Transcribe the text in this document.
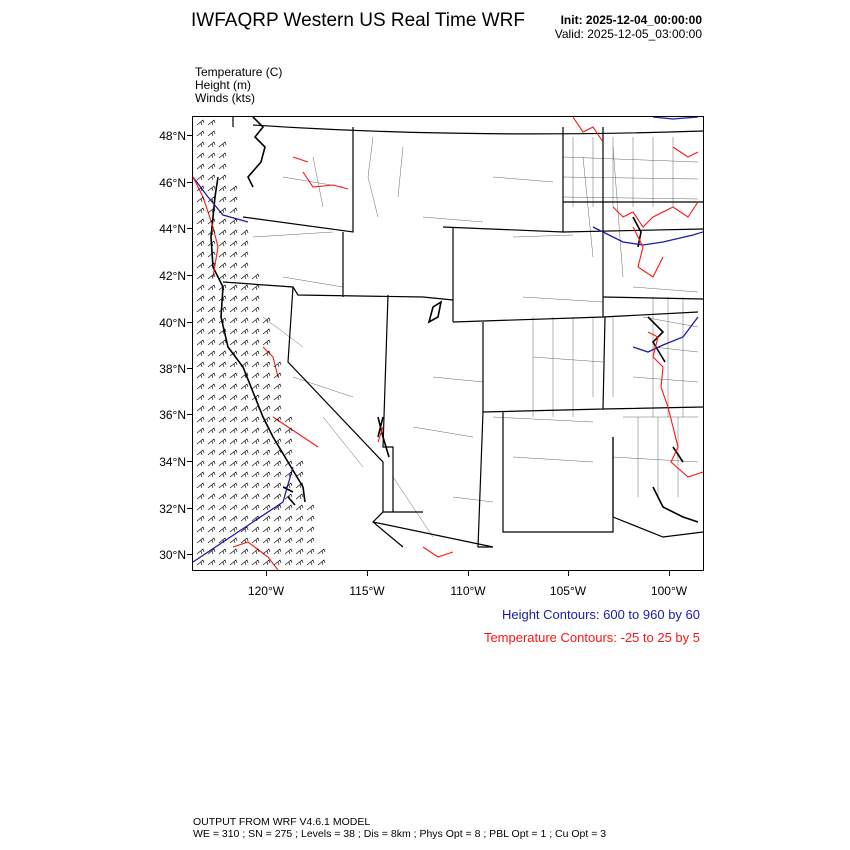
IWFAQRP Western US Real Time WRF	Init: 2025-12-04_00:00:00
Valid: 2025-12-05_03:00:00
Temperature (C)
Height (m)
Winds (kts)
48°N
46°N
44°N
42°N
40°N
38°N
36°N
34°N
32°N
30°N
120°W	115°W	110°W	105°W	100°W
Height Contours: 600 to 960 by 60
Temperature Contours: -25 to 25 by 5
OUTPUT FROM WRF V4.6.1 MODEL
WE = 310 ; SN = 275 ; Levels = 38 ; Dis = 8km ; Phys Opt = 8 ; PBL Opt = 1 ; Cu Opt = 3
